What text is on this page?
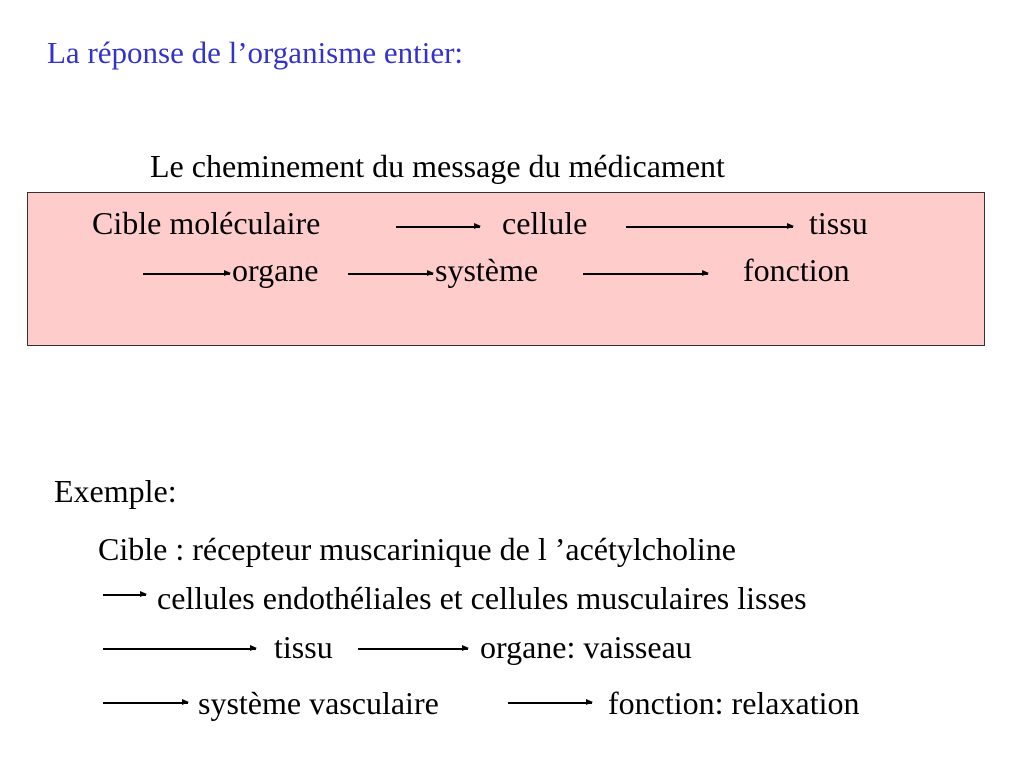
La réponse de l’organisme entier:
Le cheminement du message du médicament
Cible moléculaire	cellule	tissu
organe	système	fonction
Exemple:
Cible : récepteur muscarinique de l ’acétylcholine
cellules endothéliales et cellules musculaires lisses
tissu	organe: vaisseau
système vasculaire	fonction: relaxation
